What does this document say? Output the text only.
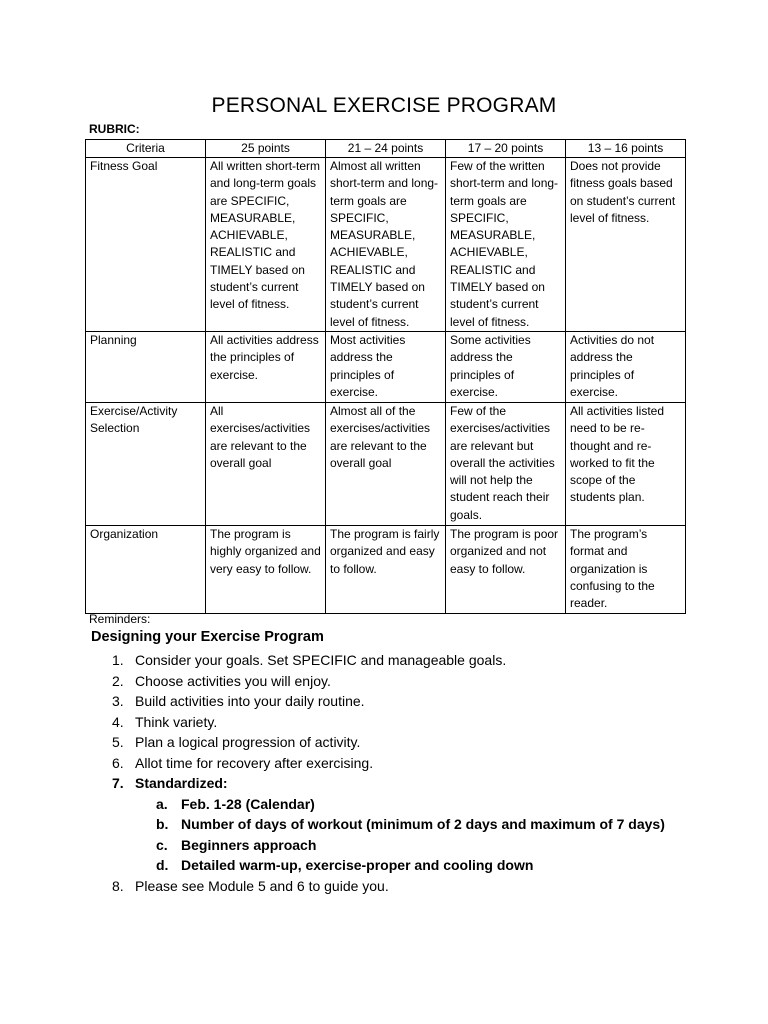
PERSONAL EXERCISE PROGRAM
RUBRIC:
Criteria	25 points	21 – 24 points	17 – 20 points	13 – 16 points
Fitness Goal	All written short-term and long-term goals are SPECIFIC, MEASURABLE, ACHIEVABLE, REALISTIC and TIMELY based on student’s current level of fitness.	Almost all written short-term and long-term goals are SPECIFIC, MEASURABLE, ACHIEVABLE, REALISTIC and TIMELY based on student’s current level of fitness.	Few of the written short-term and long-term goals are SPECIFIC, MEASURABLE, ACHIEVABLE, REALISTIC and TIMELY based on student’s current level of fitness.	Does not provide fitness goals based on student’s current level of fitness.
Planning	All activities address the principles of exercise.	Most activities address the principles of exercise.	Some activities address the principles of exercise.	Activities do not address the principles of exercise.
Exercise/Activity Selection	All exercises/activities are relevant to the overall goal	Almost all of the exercises/activities are relevant to the overall goal	Few of the exercises/activities are relevant but overall the activities will not help the student reach their goals.	All activities listed need to be re-thought and re-worked to fit the scope of the students plan.
Organization	The program is highly organized and very easy to follow.	The program is fairly organized and easy to follow.	The program is poor organized and not easy to follow.	The program’s format and organization is confusing to the reader.
Reminders:
Designing your Exercise Program
1. Consider your goals. Set SPECIFIC and manageable goals.
2. Choose activities you will enjoy.
3. Build activities into your daily routine.
4. Think variety.
5. Plan a logical progression of activity.
6. Allot time for recovery after exercising.
7. Standardized:
a. Feb. 1-28 (Calendar)
b. Number of days of workout (minimum of 2 days and maximum of 7 days)
c. Beginners approach
d. Detailed warm-up, exercise-proper and cooling down
8. Please see Module 5 and 6 to guide you.
